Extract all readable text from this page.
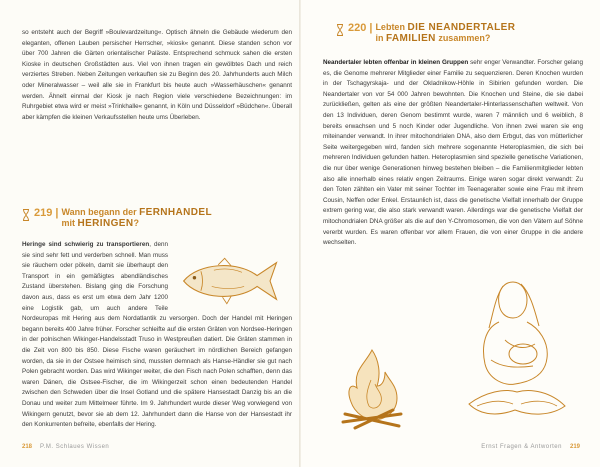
so entsteht auch der Begriff »Boulevardzeitung«. Optisch ähneln die Gebäude wiederum den eleganten, offenen Lauben persischer Herrscher, »kiosk« genannt. Diese standen schon vor über 700 Jahren die Gärten orientalischer Paläste. Entsprechend schmuck sahen die ersten Kioske in deutschen Großstädten aus. Viel von ihnen tragen ein gewölbtes Dach und reich verziertes Streben. Neben Zeitungen verkauften sie zu Beginn des 20. Jahrhunderts auch Milch oder Mineralwasser – weil alle sie in Frankfurt bis heute auch »Wasserhäuschen« genannt werden. Ähnelt einmal der Kiosk je nach Region viele verschiedene Bezeichnungen: im Ruhrgebiet etwa wird er meist »Trinkhalle« genannt, in Köln und Düsseldorf »Büdchen«. Überall aber kämpfen die kleinen Verkaufsstellen heute ums Überleben.

219 | Wann begann der FERNHANDEL
mit HERINGEN?
Heringe sind schwierig zu transportieren, denn sie sind sehr fett und verderben schnell. Man muss sie räuchern oder pökeln, damit sie überhaupt den Transport in ein gemäßigtes abendländisches Zustand überstehen. Bislang ging die Forschung davon aus, dass es erst um etwa dem Jahr 1200 eine Logistik gab, um auch andere Teile Nordeuropas mit Hering aus dem Nordatlantik zu versorgen. Doch der Handel mit Heringen begann bereits 400 Jahre früher. Forscher schleifte auf die ersten Gräten von Nordsee-Heringen in der polnischen Wikinger-Handelsstadt Truso in Westpreußen datiert. Die Gräten stammen in die Zeit von 800 bis 850. Diese Fische waren geräuchert im nördlichen Bereich gefangen worden, da sie in der Ostsee heimisch sind, mussten demnach als Hanse-Händler sie gut nach Polen gebracht worden. Das wird Wikinger weiter, die den Fisch nach Polen schafften, denn das waren Dänen, die Ostsee-Fischer, die im Wikingerzeit schon einen bedeutenden Handel zwischen den Schweden über die Insel Gotland und die spätere Hansestadt Danzig bis an die Donau und weiter zum Mittelmeer führte. Im 9. Jahrhundert wurde dieser Weg vorwiegend von Wikingern genutzt, bevor sie ab dem 12. Jahrhundert dann die Hanse von der Hansestadt ihr den Konkurrenten befreite, ebenfalls der Hering.
218 P.M. Schlaues Wissen
220 | Lebten DIE NEANDERTALER
in FAMILIEN zusammen?

Neandertaler lebten offenbar in kleinen Gruppen sehr enger Verwandter. Forscher gelang es, die Genome mehrerer Mitglieder einer Familie zu sequenzieren. Deren Knochen wurden in der Tschagyrskaja- und der Okladnikow-Höhle in Sibirien gefunden worden. Die Neandertaler von vor 54 000 Jahren bewohnten. Die Knochen und Steine, die sie dabei zurückließen, gelten als eine der größten Neandertaler-Hinterlassenschaften weltweit. Von den 13 Individuen, deren Genom bestimmt wurde, waren 7 männlich und 6 weiblich, 8 bereits erwachsen und 5 noch Kinder oder Jugendliche. Von ihnen zwei waren sie eng miteinander verwandt. In ihrer mitochondrialen DNA, also dem Erbgut, das von mütterlicher Seite weitergegeben wird, fanden sich mehrere sogenannte Heteroplasmien, die sich bei mehreren Individuen gefunden hatten. Heteroplasmien sind spezielle genetische Variationen, die nur über wenige Generationen hinweg bestehen bleiben – die Familienmitglieder lebten also alle innerhalb eines relativ engen Zeitraums. Einige waren sogar direkt verwandt: Zu den Toten zählten ein Vater mit seiner Tochter im Teenageralter sowie eine Frau mit ihrem Cousin, Neffen oder Enkel. Erstaunlich ist, dass die genetische Vielfalt innerhalb der Gruppe extrem gering war, die also stark verwandt waren. Allerdings war die genetische Vielfalt der mitochondrialen DNA größer als die auf den Y-Chromosomen, die von den Vätern auf Söhne vererbt wurden. Es waren offenbar vor allem Frauen, die von einer Gruppe in die andere wechselten.

Ernst Fragen & Antworten 219
